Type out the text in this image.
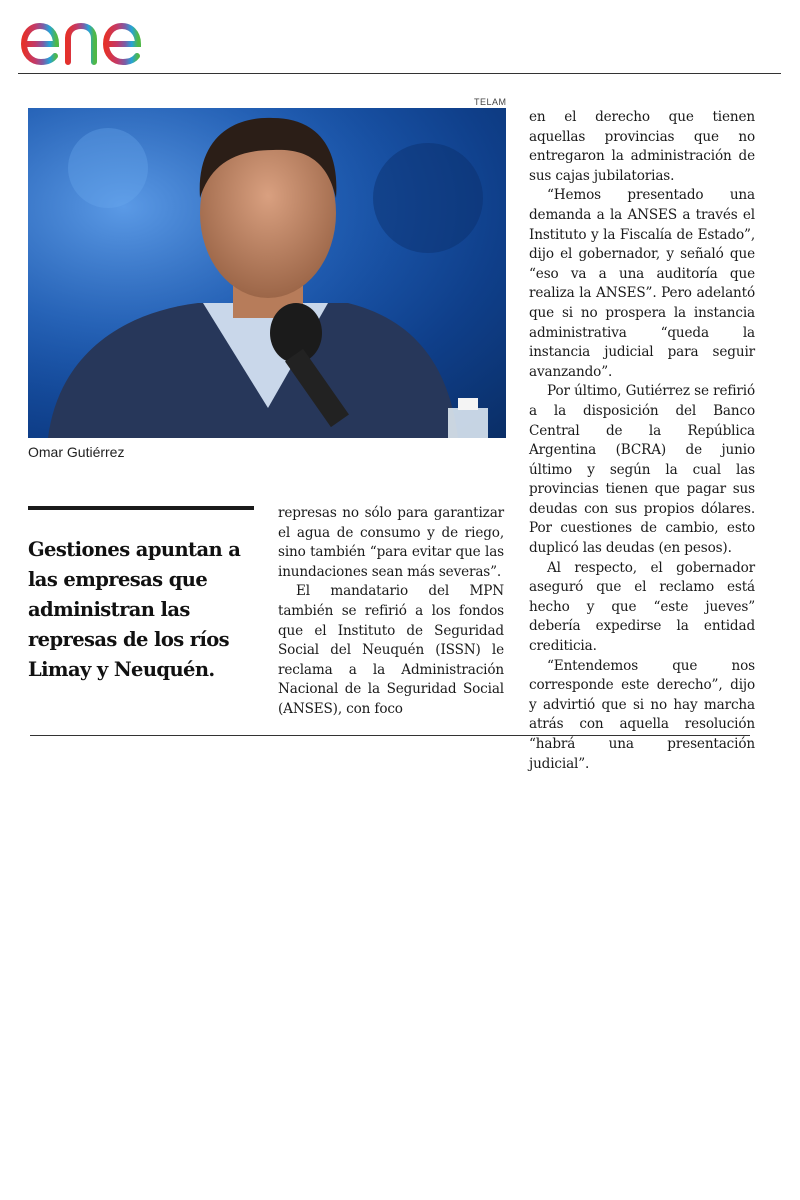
enel
TELAM
Omar Gutiérrez
Gestiones apuntan a las empresas que administran las represas de los ríos Limay y Neuquén.

represas no sólo para garantizar el agua de consumo y de riego, sino también “para evitar que las inundaciones sean más severas”.

El mandatario del MPN también se refirió a los fondos que el Instituto de Seguridad Social del Neuquén (ISSN) le reclama a la Administración Nacional de la Seguridad Social (ANSES), con foco

en el derecho que tienen aquellas provincias que no entregaron la administración de sus cajas jubilatorias.

“Hemos presentado una demanda a la ANSES a través el Instituto y la Fiscalía de Estado”, dijo el gobernador, y señaló que “eso va a una auditoría que realiza la ANSES”. Pero adelantó que si no prospera la instancia administrativa “queda la instancia judicial para seguir avanzando”.

Por último, Gutiérrez se refirió a la disposición del Banco Central de la República Argentina (BCRA) de junio último y según la cual las provincias tienen que pagar sus deudas con sus propios dólares. Por cuestiones de cambio, esto duplicó las deudas (en pesos).

Al respecto, el gobernador aseguró que el reclamo está hecho y que “este jueves” debería expedirse la entidad crediticia.

“Entendemos que nos corresponde este derecho”, dijo y advirtió que si no hay marcha atrás con aquella resolución “habrá una presentación judicial”.
